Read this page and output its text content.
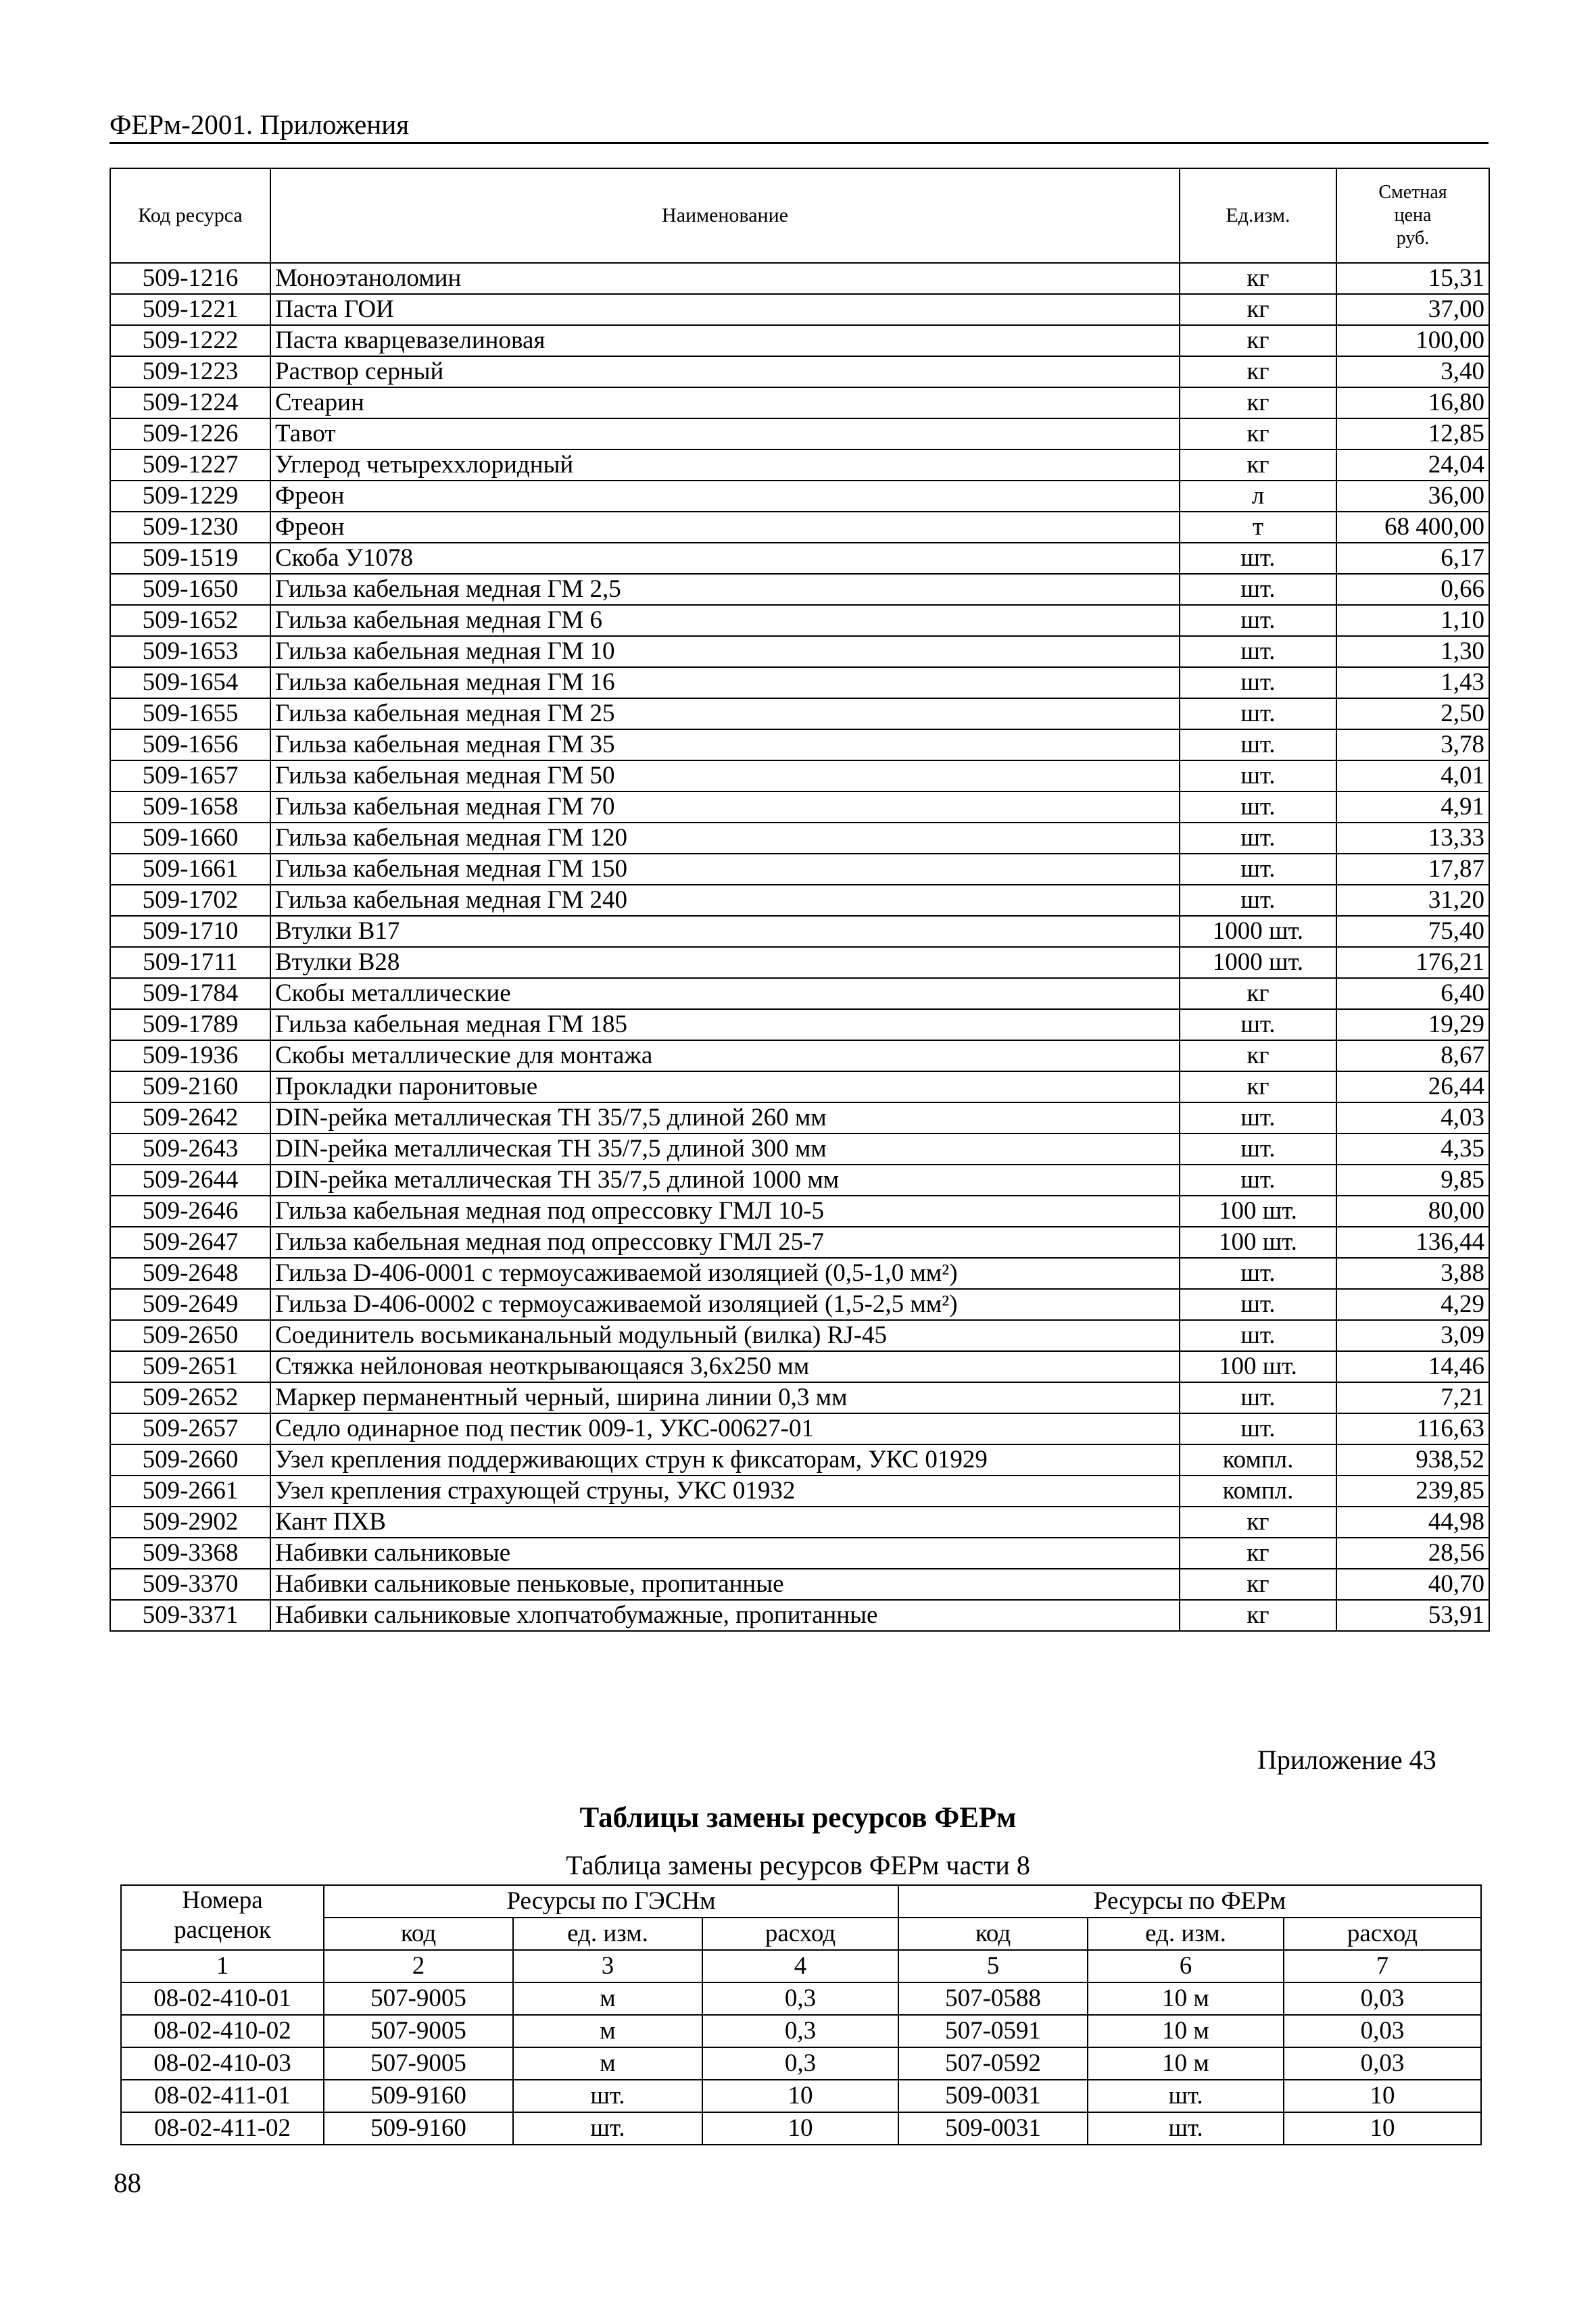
ФЕРм-2001. Приложения
Код ресурса	Наименование	Ед.изм.	Сметная
цена
руб.

509-1216	Моноэтаноломин	кг	15,31
509-1221	Паста ГОИ	кг	37,00
509-1222	Паста кварцевазелиновая	кг	100,00
509-1223	Раствор серный	кг	3,40
509-1224	Стеарин	кг	16,80
509-1226	Тавот	кг	12,85
509-1227	Углерод четыреххлоридный	кг	24,04
509-1229	Фреон	л	36,00
509-1230	Фреон	т	68 400,00
509-1519	Скоба У1078	шт.	6,17
509-1650	Гильза кабельная медная ГМ 2,5	шт.	0,66
509-1652	Гильза кабельная медная ГМ 6	шт.	1,10
509-1653	Гильза кабельная медная ГМ 10	шт.	1,30
509-1654	Гильза кабельная медная ГМ 16	шт.	1,43
509-1655	Гильза кабельная медная ГМ 25	шт.	2,50
509-1656	Гильза кабельная медная ГМ 35	шт.	3,78
509-1657	Гильза кабельная медная ГМ 50	шт.	4,01
509-1658	Гильза кабельная медная ГМ 70	шт.	4,91
509-1660	Гильза кабельная медная ГМ 120	шт.	13,33
509-1661	Гильза кабельная медная ГМ 150	шт.	17,87
509-1702	Гильза кабельная медная ГМ 240	шт.	31,20
509-1710	Втулки В17	1000 шт.	75,40
509-1711	Втулки В28	1000 шт.	176,21
509-1784	Скобы металлические	кг	6,40
509-1789	Гильза кабельная медная ГМ 185	шт.	19,29
509-1936	Скобы металлические для монтажа	кг	8,67
509-2160	Прокладки паронитовые	кг	26,44
509-2642	DIN-рейка металлическая ТН 35/7,5 длиной 260 мм	шт.	4,03
509-2643	DIN-рейка металлическая ТН 35/7,5 длиной 300 мм	шт.	4,35
509-2644	DIN-рейка металлическая ТН 35/7,5 длиной 1000 мм	шт.	9,85
509-2646	Гильза кабельная медная под опрессовку ГМЛ 10-5	100 шт.	80,00
509-2647	Гильза кабельная медная под опрессовку ГМЛ 25-7	100 шт.	136,44
509-2648	Гильза D-406-0001 с термоусаживаемой изоляцией (0,5-1,0 мм²)	шт.	3,88
509-2649	Гильза D-406-0002 с термоусаживаемой изоляцией (1,5-2,5 мм²)	шт.	4,29
509-2650	Соединитель восьмиканальный модульный (вилка) RJ-45	шт.	3,09
509-2651	Стяжка нейлоновая неоткрывающаяся 3,6х250 мм	100 шт.	14,46
509-2652	Маркер перманентный черный, ширина линии 0,3 мм	шт.	7,21
509-2657	Седло одинарное под пестик 009-1, УКС-00627-01	шт.	116,63
509-2660	Узел крепления поддерживающих струн к фиксаторам, УКС 01929	компл.	938,52
509-2661	Узел крепления страхующей струны, УКС 01932	компл.	239,85
509-2902	Кант ПХВ	кг	44,98
509-3368	Набивки сальниковые	кг	28,56
509-3370	Набивки сальниковые пеньковые, пропитанные	кг	40,70
509-3371	Набивки сальниковые хлопчатобумажные, пропитанные	кг	53,91
Приложение 43
Таблицы замены ресурсов ФЕРм
Таблица замены ресурсов ФЕРм части 8
Номера
расценок	Ресурсы по ГЭСНм			Ресурсы по ФЕРм		
	код	ед. изм.	расход	код	ед. изм.	расход
1	2	3	4	5	6	7
08-02-410-01	507-9005	м	0,3	507-0588	10 м	0,03
08-02-410-02	507-9005	м	0,3	507-0591	10 м	0,03
08-02-410-03	507-9005	м	0,3	507-0592	10 м	0,03
08-02-411-01	509-9160	шт.	10	509-0031	шт.	10
08-02-411-02	509-9160	шт.	10	509-0031	шт.	10
88
